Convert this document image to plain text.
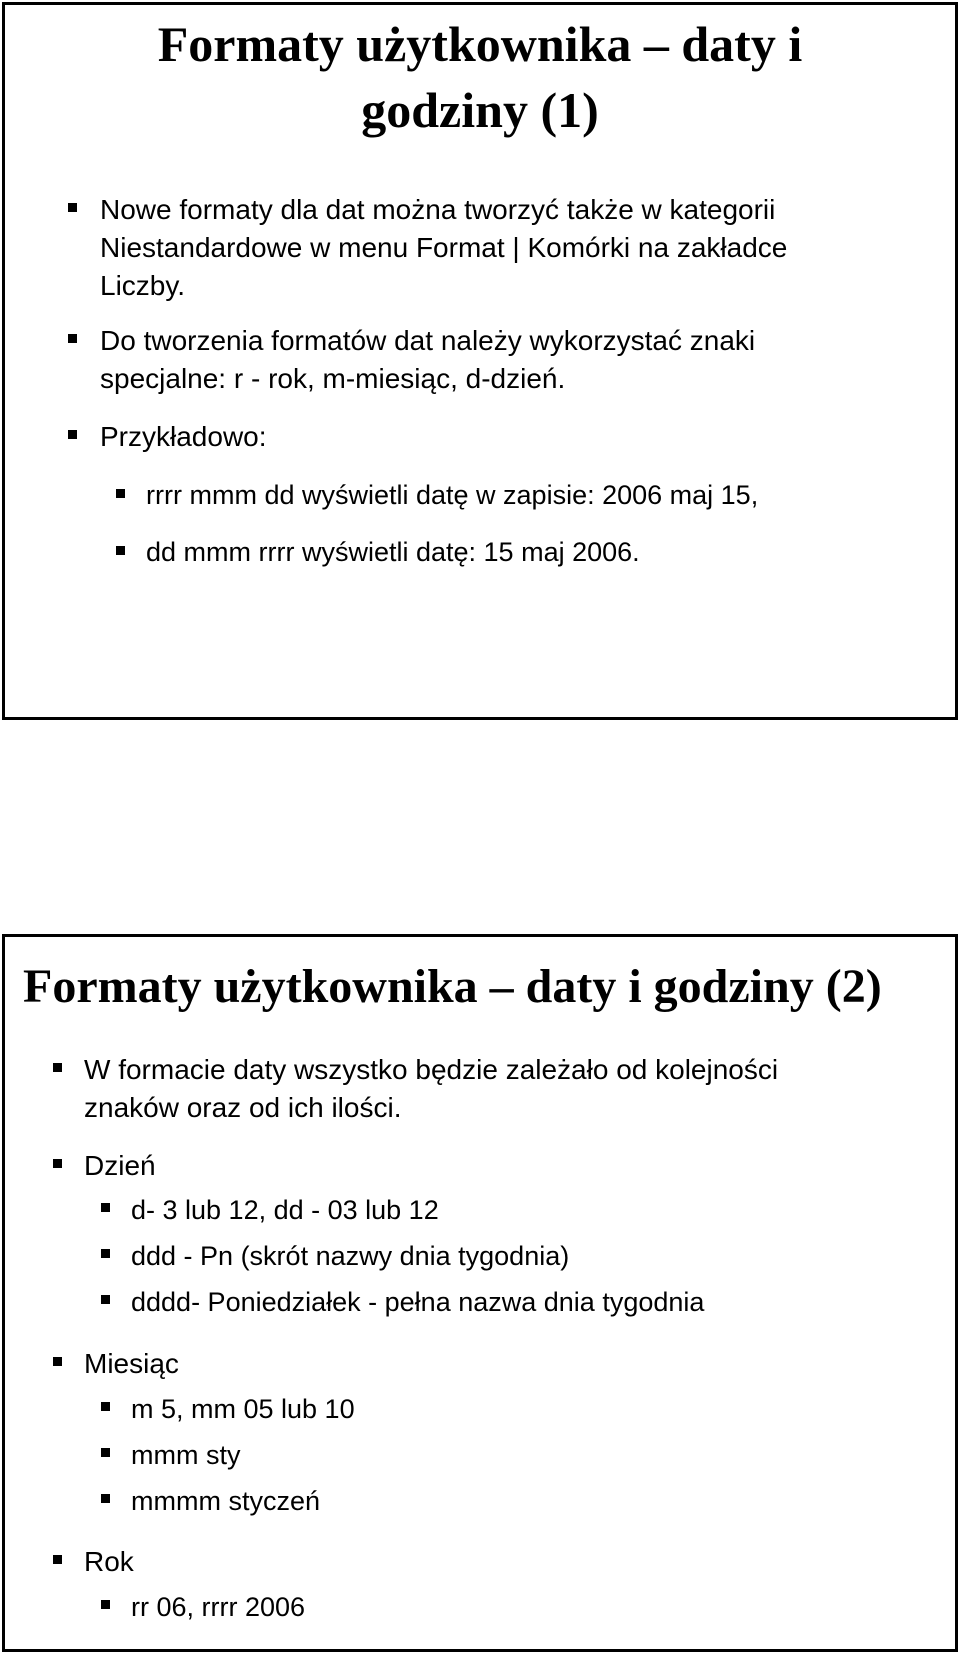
Formaty użytkownika – daty i godziny (1)
Nowe formaty dla dat można tworzyć także w kategorii
Niestandardowe w menu Format | Komórki na zakładce
Liczby.
Do tworzenia formatów dat należy wykorzystać znaki
specjalne: r - rok, m-miesiąc, d-dzień.
Przykładowo:
rrrr mmm dd wyświetli datę w zapisie: 2006 maj 15,
dd mmm rrrr wyświetli datę: 15 maj 2006.
Formaty użytkownika – daty i godziny (2)
W formacie daty wszystko będzie zależało od kolejności
znaków oraz od ich ilości.
Dzień
d- 3 lub 12, dd - 03 lub 12
ddd - Pn (skrót nazwy dnia tygodnia)
dddd- Poniedziałek - pełna nazwa dnia tygodnia
Miesiąc
m 5, mm 05 lub 10
mmm sty
mmmm styczeń
Rok
rr 06, rrrr 2006
